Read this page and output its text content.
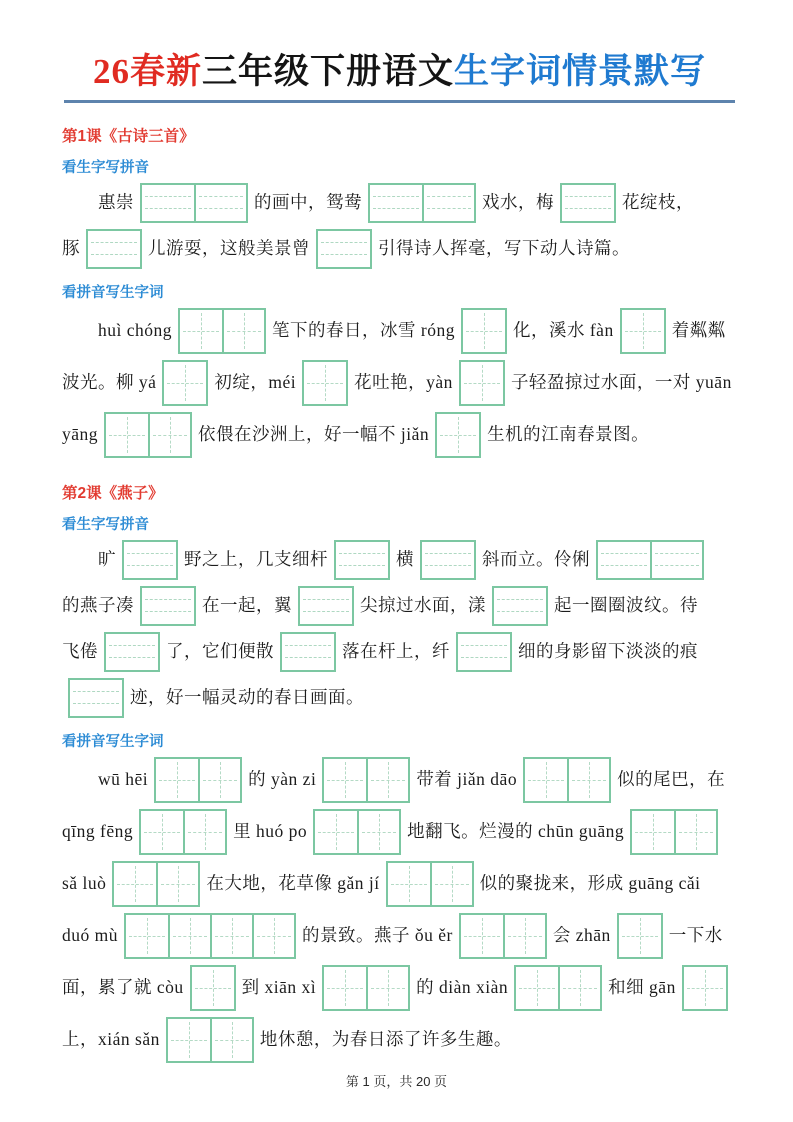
26春新三年级下册语文生字词情景默写
第1课《古诗三首》
看生字写拼音
惠崇	的画中，鸳鸯	戏水，梅	花绽枝，
豚	儿游耍，这般美景曾	引得诗人挥毫，写下动人诗篇。
看拼音写生字词
huì chóng	笔下的春日，冰雪 róng	化，溪水 fàn	着粼粼
波光。柳 yá	初绽，méi	花吐艳，yàn	子轻盈掠过水面，一对 yuān
yāng	依偎在沙洲上，好一幅不 jiǎn	生机的江南春景图。
第2课《燕子》
看生字写拼音
旷	野之上，几支细杆	横	斜而立。伶俐
的燕子凑	在一起，翼	尖掠过水面，漾	起一圈圈波纹。待
飞倦	了，它们便散	落在杆上，纤	细的身影留下淡淡的痕
迹，好一幅灵动的春日画面。
看拼音写生字词
wū hēi	的 yàn zi	带着 jiǎn dāo	似的尾巴，在
qīng fēng	里 huó po	地翻飞。烂漫的 chūn guāng
sǎ luò	在大地，花草像 gǎn jí	似的聚拢来，形成 guāng cǎi
duó mù	的景致。燕子 ǒu ěr	会 zhān	一下水
面，累了就 còu	到 xiān xì	的 diàn xiàn	和细 gān
上，xián sǎn	地休憩，为春日添了许多生趣。
第 1 页，共 20 页
